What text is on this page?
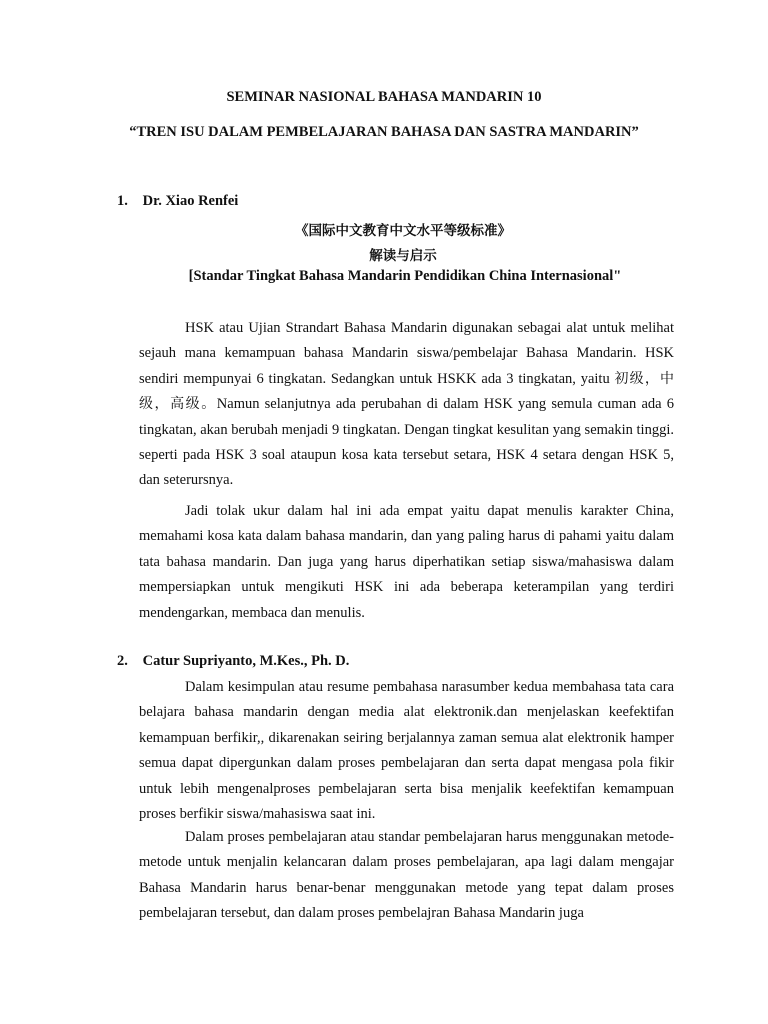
SEMINAR NASIONAL BAHASA MANDARIN 10
“TREN ISU DALAM PEMBELAJARAN BAHASA DAN SASTRA MANDARIN”
1. Dr. Xiao Renfei
《国际中文教育中文水平等级标准》
解读与启示
[Standar Tingkat Bahasa Mandarin Pendidikan China Internasional"

HSK atau Ujian Strandart Bahasa Mandarin digunakan sebagai alat untuk melihat sejauh mana kemampuan bahasa Mandarin siswa/pembelajar Bahasa Mandarin. HSK sendiri mempunyai 6 tingkatan. Sedangkan untuk HSKK ada 3 tingkatan, yaitu 初级，中级，高级。Namun selanjutnya ada perubahan di dalam HSK yang semula cuman ada 6 tingkatan, akan berubah menjadi 9 tingkatan. Dengan tingkat kesulitan yang semakin tinggi. seperti pada HSK 3 soal ataupun kosa kata tersebut setara, HSK 4 setara dengan HSK 5, dan seterursnya.

Jadi tolak ukur dalam hal ini ada empat yaitu dapat menulis karakter China, memahami kosa kata dalam bahasa mandarin, dan yang paling harus di pahami yaitu dalam tata bahasa mandarin. Dan juga yang harus diperhatikan setiap siswa/mahasiswa dalam mempersiapkan untuk mengikuti HSK ini ada beberapa keterampilan yang terdiri mendengarkan, membaca dan menulis.

2. Catur Supriyanto, M.Kes., Ph. D.

Dalam kesimpulan atau resume pembahasa narasumber kedua membahasa tata cara belajara bahasa mandarin dengan media alat elektronik.dan menjelaskan keefektifan kemampuan berfikir,, dikarenakan seiring berjalannya zaman semua alat elektronik hamper semua dapat dipergunkan dalam proses pembelajaran dan serta dapat mengasa pola fikir untuk lebih mengenalproses pembelajaran serta bisa menjalik keefektifan kemampuan proses berfikir siswa/mahasiswa saat ini.

Dalam proses pembelajaran atau standar pembelajaran harus menggunakan metode-metode untuk menjalin kelancaran dalam proses pembelajaran, apa lagi dalam mengajar Bahasa Mandarin harus benar-benar menggunakan metode yang tepat dalam proses pembelajaran tersebut, dan dalam proses pembelajran Bahasa Mandarin juga
